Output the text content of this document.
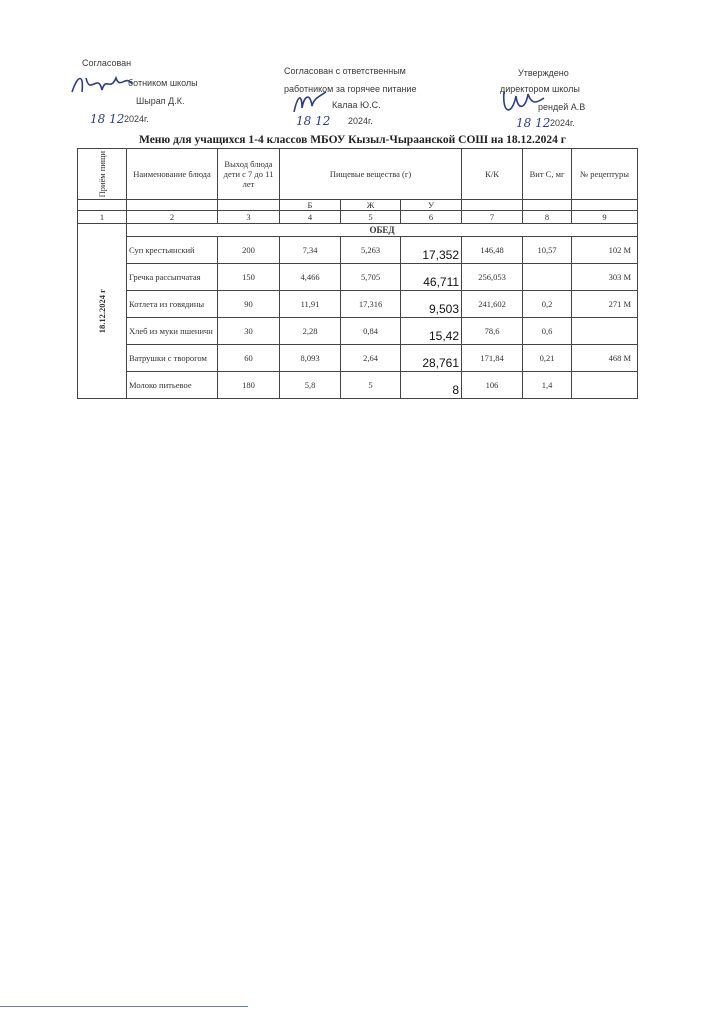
Согласован
ботником школы
Шырап Д.К.
18 12 2024г.
Согласован с ответственным
работником за горячее питание
Калаа Ю.С.
18 12 2024г.
Утверждено
директором школы
рендей А.В
18 12 2024г.
Меню для учащихся 1-4 классов МБОУ Кызыл-Чыраанской СОШ на 18.12.2024 г
Приём пищи	Наименование блюда	Выход блюда дети с 7 до 11 лет	Пищевые вещества (г)			К/К	Вит С, мг	№ рецептуры
			Б	Ж	У			
1	2	3	4	5	6	7	8	9

18.12.2024 г	ОБЕД							
	Суп крестьянский	200	7,34	5,263	17,352	146,48	10,57	102 М
	Гречка рассыпчатая	150	4,466	5,705	46,711	256,053		303 М
	Котлета из говядины	90	11,91	17,316	9,503	241,602	0,2	271 М
	Хлеб из муки пшеничн	30	2,28	0,84	15,42	78,6	0,6	
	Ватрушки с творогом	60	8,093	2,64	28,761	171,84	0,21	468 М
	Молоко питьевое	180	5,8	5	8	106	1,4	
